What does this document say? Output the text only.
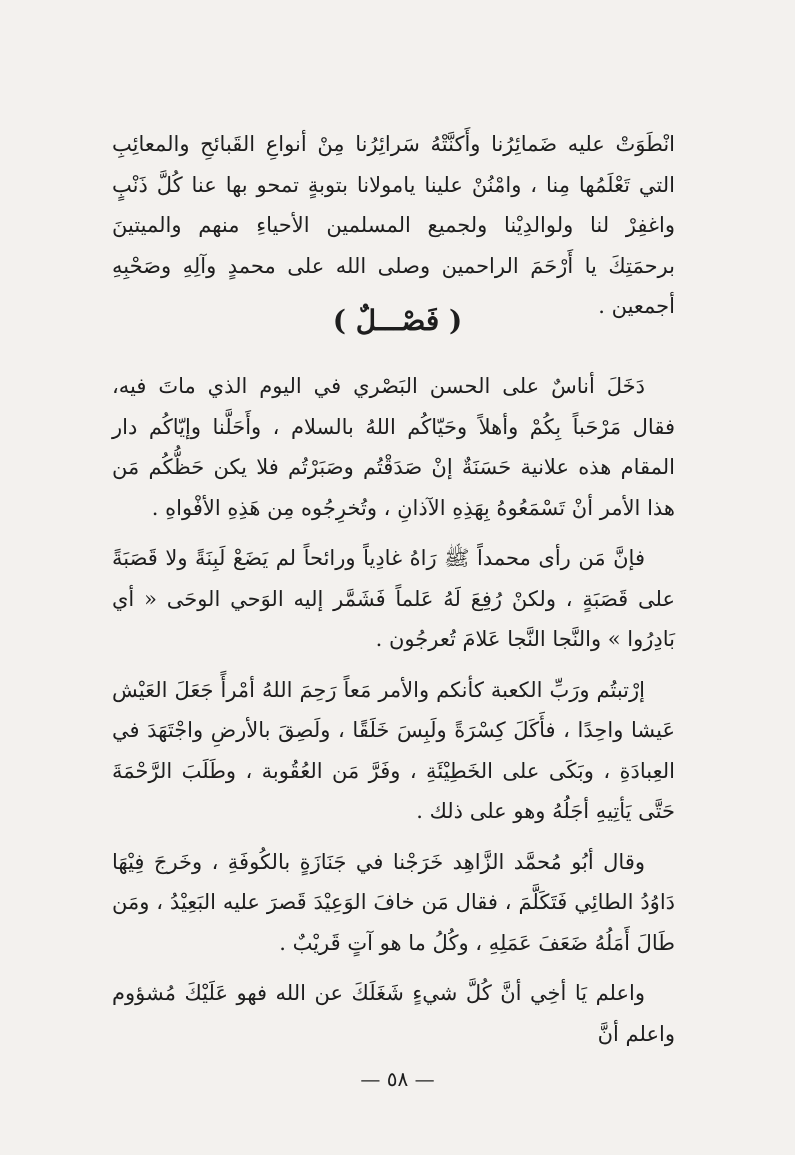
انْطَوَتْ عليه ضَمائِرُنا وأَكنَّتْهُ سَرائِرُنا مِنْ أنواعِ القَبائحِ والمعائِبِ التي تَعْلَمُها مِنا ، وامْنُنْ علينا يامولانا بتوبةٍ تمحو بها عنا كُلَّ ذَنْبٍ واغفِرْ لنا ولوالدِيْنا ولجميع المسلمين الأحياءِ منهم والميتينَ برحمَتِكَ يا أَرْحَمَ الراحمين وصلى الله على محمدٍ وآلِهِ وصَحْبِهِ أجمعين .

( فَصْـــلٌ )

دَخَلَ أناسٌ على الحسن البَصْري في اليوم الذي ماتَ فيه، فقال مَرْحَباً بِكُمْ وأهلاً وحَيّاكُم اللهُ بالسلام ، وأَحَلَّنا وإيّاكُم دار المقام هذه علانية حَسَنَةٌ إنْ صَدَقْتُم وصَبَرْتُم فلا يكن حَظُّكُم مَن هذا الأمر أنْ تَسْمَعُوهُ بِهَذِهِ الآذانِ ، وتُخرِجُوه مِن هَذِهِ الأفْواهِ .

فإنَّ مَن رأى محمداً ﷺ رَاهُ غادِياً ورائحاً لم يَضَعْ لَبِنَةً ولا قَصَبَةً على قَصَبَةٍ ، ولكنْ رُفِعَ لَهُ عَلماً فَشَمَّر إليه الوَحي الوحَى « أي بَادِرُوا » والنَّجا النَّجا عَلامَ تُعرجُون .

إرْتبتُم ورَبِّ الكعبة كأنكم والأمر مَعاً رَحِمَ اللهُ أمْرأً جَعَلَ العَيْش عَيشا واحِدًا ، فأَكَلَ كِسْرَةً ولَبِسَ خَلَقًا ، ولَصِقَ بالأرضِ واجْتَهَدَ في العِبادَةِ ، وبَكَى على الخَطِيْئَةِ ، وفَرَّ مَن العُقُوبة ، وطَلَبَ الرَّحْمَةَ حَتَّى يَأتِيهِ أجَلُهُ وهو على ذلك .

وقال أبُو مُحمَّد الزَّاهِد خَرَجْنا في جَنَازَةٍ بالكُوفَةِ ، وخَرجَ فِيْهَا دَاوُدُ الطائِي فَتَكَلَّمَ ، فقال مَن خافَ الوَعِيْدَ قَصرَ عليه البَعِيْدُ ، ومَن طَالَ أَمَلُهُ ضَعَفَ عَمَلِهِ ، وكُلُ ما هو آتٍ قَريْبٌ .

واعلم يَا أخِي أنَّ كُلَّ شيءٍ شَغَلَكَ عن الله فهو عَلَيْكَ مُشؤوم واعلم أنَّ

— ٥٨ —
